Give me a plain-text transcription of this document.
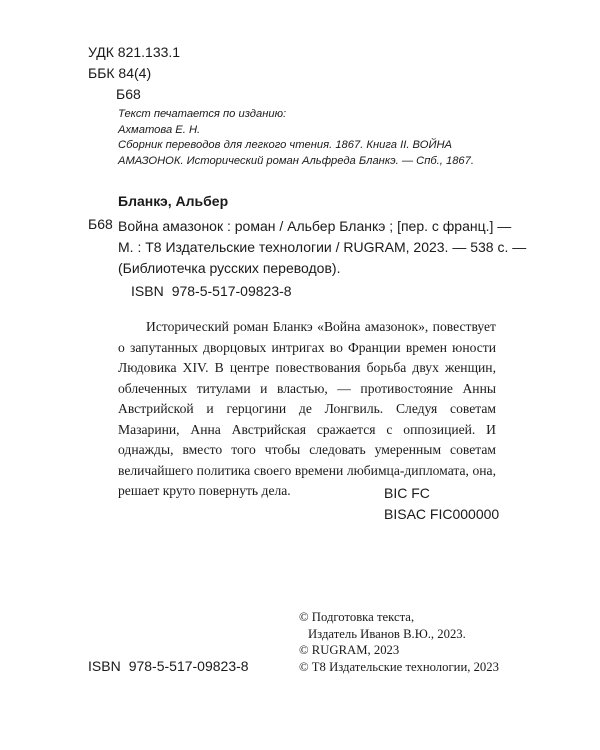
УДК 821.133.1
ББК 84(4)
Б68
Текст печатается по изданию:
Ахматова Е. Н.
Сборник переводов для легкого чтения. 1867. Книга II. ВОЙНА
АМАЗОНОК. Исторический роман Альфреда Бланкэ. — Спб., 1867.
Бланкэ, Альбер
Б68 Война амазонок : роман / Альбер Бланкэ ; [пер. с франц.] —
М. : Т8 Издательские технологии / RUGRAM, 2023. — 538 с. —
(Библиотечка русских переводов).
ISBN 978-5-517-09823-8

Исторический роман Бланкэ «Война амазонок», повествует о запутанных дворцовых интригах во Франции времен юности Людовика XIV. В центре повествования борьба двух женщин, облеченных титулами и властью, — противостояние Анны Австрийской и герцогини де Лонгвиль. Следуя советам Мазарини, Анна Австрийская сражается с оппозицией. И однажды, вместо того чтобы следовать умеренным советам величайшего политика своего времени любимца-дипломата, она, решает круто повернуть дела.	BIC FC
BISAC FIC000000
© Подготовка текста,
Издатель Иванов В.Ю., 2023.
© RUGRAM, 2023
© Т8 Издательские технологии, 2023
ISBN 978-5-517-09823-8
